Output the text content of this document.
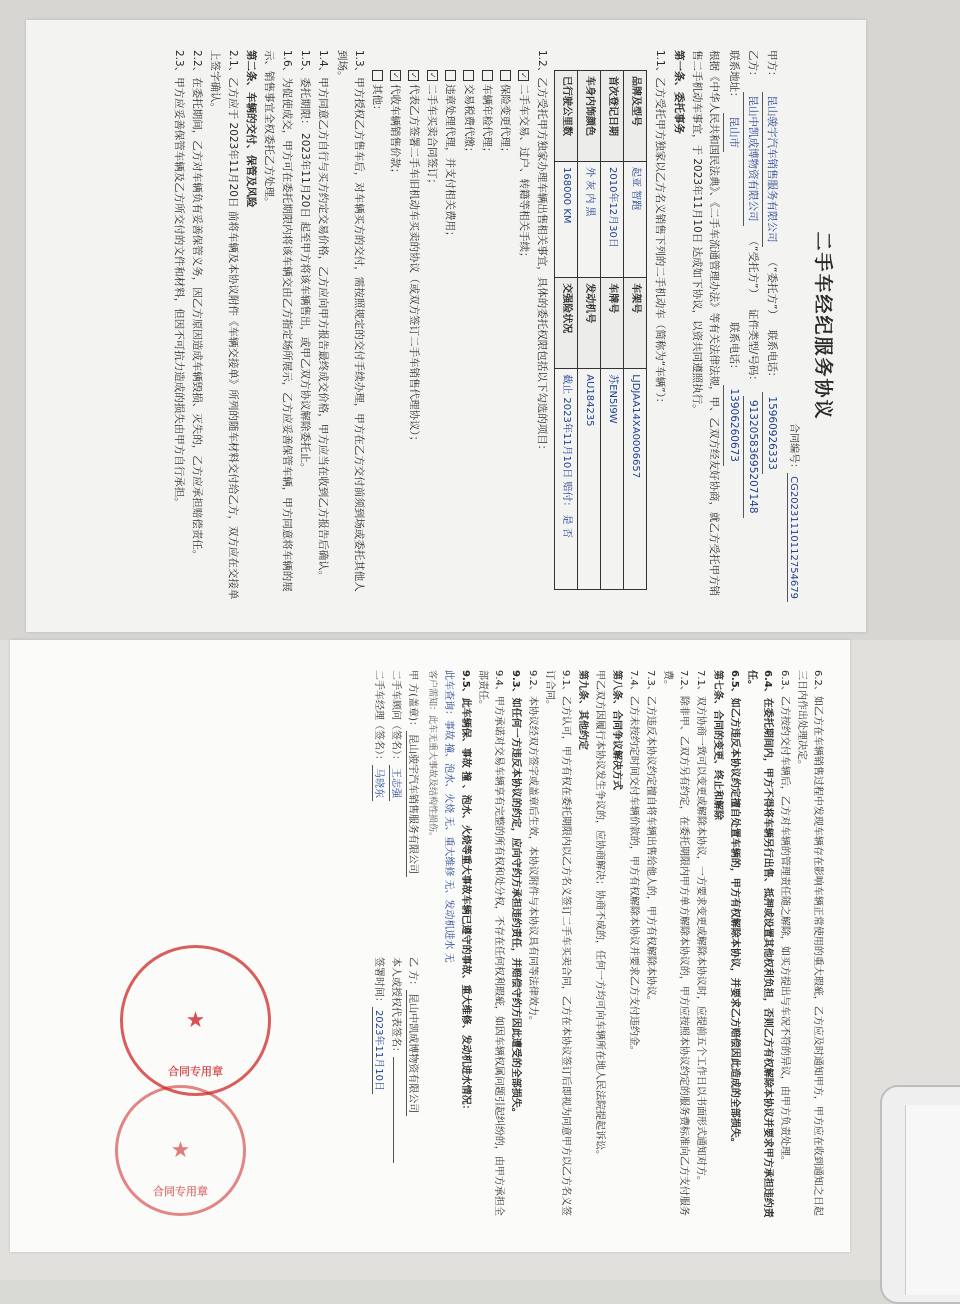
二手车经纪服务协议
合同编号：CG20231110112754679
甲方：
昆山骏宇汽车销售服务有限公司
（“委托方”）
联系电话：
15960926333
乙方：
昆山中凯成博物资有限公司
（“受托方”）
证件类型/号码：
91320583695207148
联系地址：
昆山市
联系电话：
13906260673
根据《中华人民共和国民法典》、《二手车流通管理办法》等有关法律法规，甲、乙双方经友好协商，就乙方受托甲方销售二手机动车事宜，于 2023年11月10日 达成如下协议，以资共同遵照执行。
第一条、委托事务
1.1、乙方受托甲方独家以乙方名义销售下列的二手机动车（简称为“车辆”）：
品牌及型号	起亚 智跑	车架号	LJDJAA14XA0006657
首次登记日期	2010年12月30日	车牌号	苏EN5I9W
车身内饰颜色	外 灰 内 黑	发动机号	AU184235
已行驶公里数	168000 KM	交强险状况	截止 2023年11月10日 赔付： 是 否
1.2、乙方受托甲方独家办理车辆出售相关事宜，具体的委托权限包括以下勾选的项目：
✓二手车交易、过户、转籍等相关手续；
保险变更代理；
车辆年检代理；
交易税费代缴；
违章处理代理，并支付相关费用；
✓二手车买卖合同签订；
✓代表乙方签署二手车旧机动车买卖的协议（或双方签订二手车销售代理协议）；
✓代收车辆销售价款；
其他：
1.3、甲方授权乙方售车后，对车辆买方的交付，需按照规定的交付手续办理，甲方在乙方交付前须到场或委托其他人到场。
1.4、甲方同意乙方自行与买方约定交易价格，乙方应向甲方报告最终成交价格，甲方应当在收到乙方报告后确认。
1.5、委托期限： 2023年11月20日 起至甲方将该车辆售出，或甲乙双方协议解除委托止。
1.6、为促使成交，甲方可在委托期限内将该车辆交由乙方指定场所展示，乙方应妥善保管车辆，甲方同意将车辆的展示、销售事宜全权委托乙方处理。
第二条、车辆的交付、保管及风险
2.1、乙方应于 2023年11月20日 前将车辆及本协议附件《车辆交接单》所列的随车材料交付给乙方，双方应在交接单上签字确认。
2.2、在委托期间，乙方对车辆负有妥善保管义务，因乙方原因造成车辆毁损、灭失的，乙方应承担赔偿责任。
2.3、甲方应妥善保管车辆及乙方所交付的文件和材料，但因不可抗力造成的损失由甲方自行承担。
6.2、如乙方在车辆销售过程中发现车辆存在影响车辆正常使用的重大瑕疵，乙方应及时通知甲方，甲方应在收到通知之日起三日内作出处理决定。
6.3、乙方按约交付车辆后，乙方对车辆的管理责任随之解除，如买方提出与车况不符的异议，由甲方负责处理。
6.4、在委托期间内，甲方不得将车辆另行出售、抵押或设置其他权利负担，否则乙方有权解除本协议并要求甲方承担违约责任。
6.5、如乙方违反本协议约定擅自处置车辆的，甲方有权解除本协议，并要求乙方赔偿因此造成的全部损失。
第七条、合同的变更、终止和解除
7.1、双方协商一致可以变更或解除本协议，一方要求变更或解除本协议时，应提前五个工作日以书面形式通知对方。
7.2、除非甲、乙双方另有约定，在委托期限内甲方单方解除本协议的，甲方应按照本协议约定的服务费标准向乙方支付服务费。
7.3、乙方违反本协议约定擅自将车辆出售给他人的，甲方有权解除本协议。
7.4、乙方未按约定时间交付车辆价款的，甲方有权解除本协议并要求乙方支付违约金。
第八条、合同争议解决方式
甲乙双方因履行本协议发生争议的，应协商解决；协商不成的，任何一方均可向车辆所在地人民法院提起诉讼。
第九条、其他约定
9.1、乙方认可，甲方有权在委托期限内以乙方名义签订二手车买卖合同，乙方在本协议签订后即视为同意甲方以乙方名义签订合同。
9.2、本协议经双方签字或盖章后生效，本协议附件与本协议具有同等法律效力。
9.3、如任何一方违反本协议的约定，应向守约方承担违约责任，并赔偿守约方因此遭受的全部损失。
9.4、甲方承诺对交易车辆享有完整的所有权和处分权，不存在任何权利瑕疵，如因车辆权属问题引起纠纷的，由甲方承担全部责任。
9.5、此车辆保、事故 撞 、泡水、火烧等重大事故车辆已遵守的事故、重大维修、发动机进水情况：
此车查询：事故 撞、泡水、火烧 无、重大维修 无、发动机进水 无
客户需知：此车无重大事故及结构性损伤。
甲 方(盖章)：昆山骏宇汽车销售服务有限公司
二手车顾问（签名）：王志强
二手车经理（签名）：马晓东
乙 方：昆山中凯成博物资有限公司
本人或授权代表签名：
签署时间：2023年11月10日
★
合同专用章
★
合同专用章
